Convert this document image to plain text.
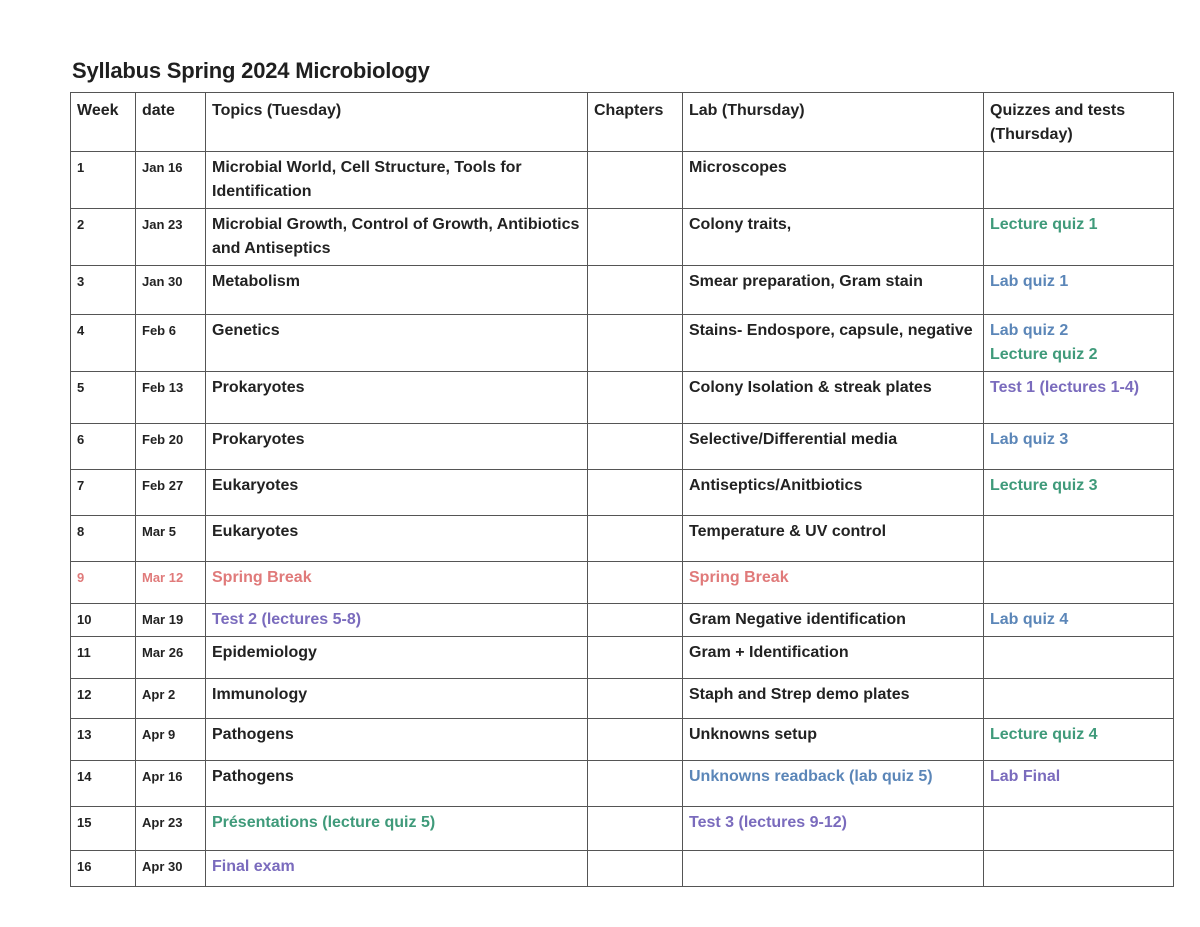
Syllabus Spring 2024 Microbiology
Week	date	Topics (Tuesday)	Chapters	Lab (Thursday)	Quizzes and tests (Thursday)
1	Jan 16	Microbial World, Cell Structure, Tools for Identification		Microscopes	

2	Jan 23	Microbial Growth, Control of Growth, Antibiotics and Antiseptics		Colony traits,	Lecture quiz 1

3	Jan 30	Metabolism		Smear preparation, Gram stain	Lab quiz 1

4	Feb 6	Genetics		Stains- Endospore, capsule, negative	Lab quiz 2
Lecture quiz 2

5	Feb 13	Prokaryotes		Colony Isolation & streak plates	Test 1 (lectures 1-4)

6	Feb 20	Prokaryotes		Selective/Differential media	Lab quiz 3

7	Feb 27	Eukaryotes		Antiseptics/Anitbiotics	Lecture quiz 3

8	Mar 5	Eukaryotes		Temperature & UV control	

9	Mar 12	Spring Break		Spring Break	

10	Mar 19	Test 2 (lectures 5-8)		Gram Negative identification	Lab quiz 4

11	Mar 26	Epidemiology		Gram + Identification	

12	Apr 2	Immunology		Staph and Strep demo plates	

13	Apr 9	Pathogens		Unknowns setup	Lecture quiz 4

14	Apr 16	Pathogens		Unknowns readback (lab quiz 5)	Lab Final

15	Apr 23	Présentations (lecture quiz 5)		Test 3 (lectures 9-12)	

16	Apr 30	Final exam			
